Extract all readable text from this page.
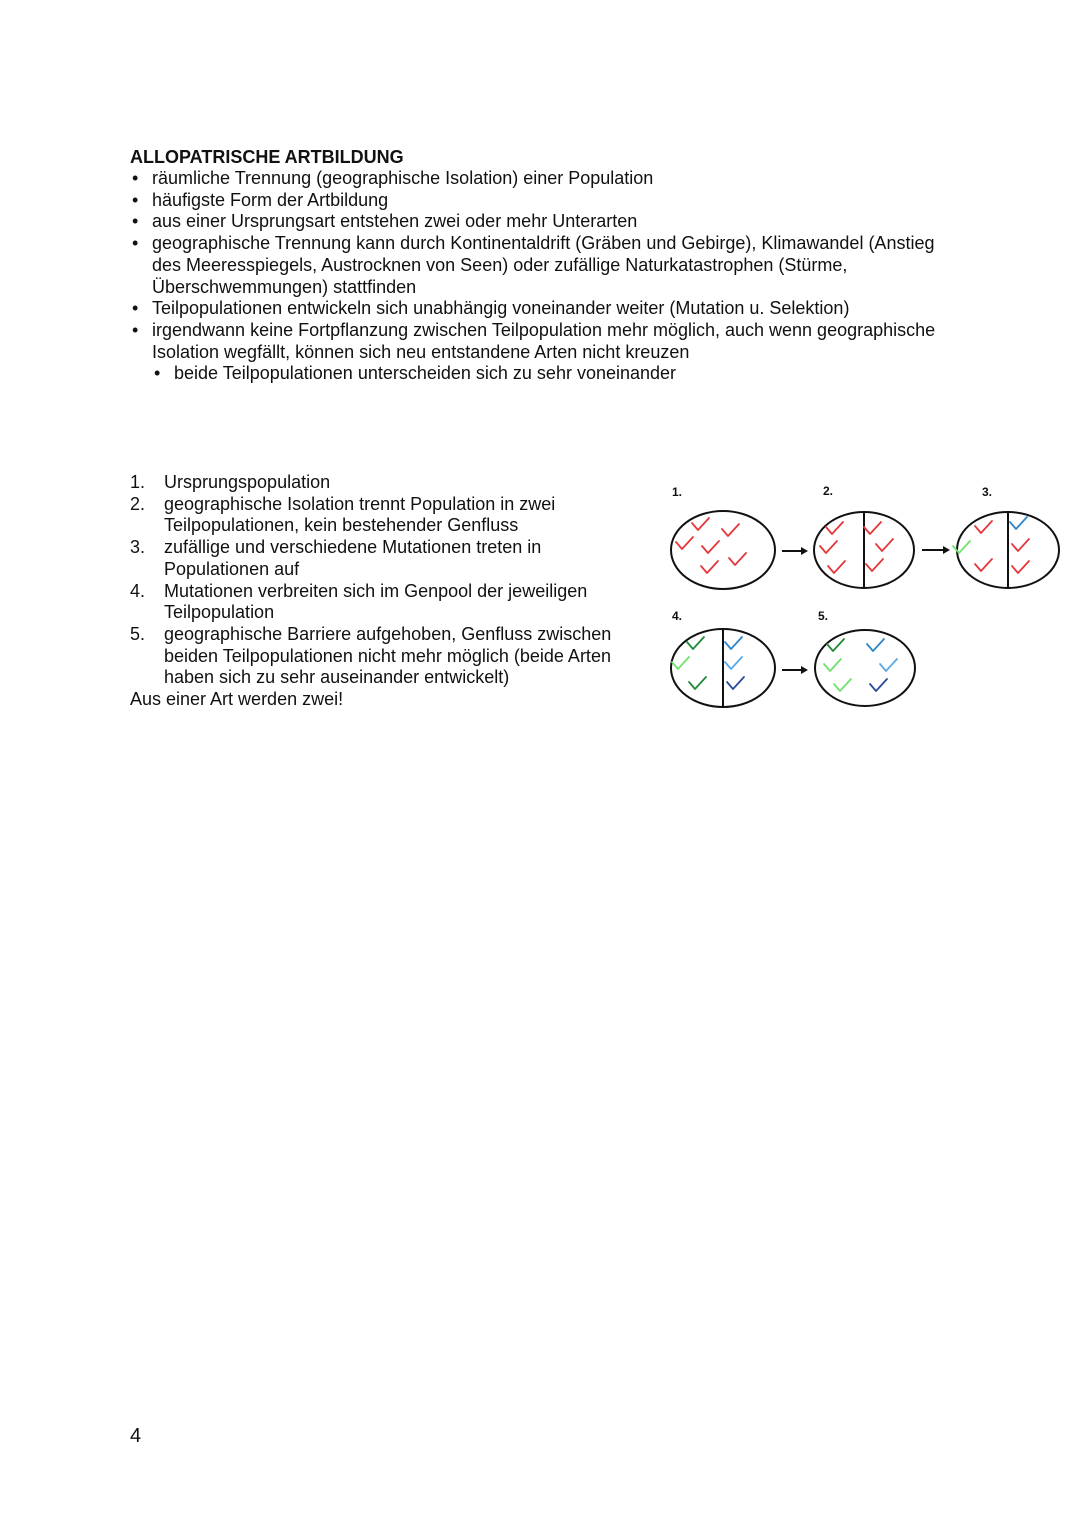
ALLOPATRISCHE ARTBILDUNG
• räumliche Trennung (geographische Isolation) einer Population
• häufigste Form der Artbildung
• aus einer Ursprungsart entstehen zwei oder mehr Unterarten
• geographische Trennung kann durch Kontinentaldrift (Gräben und Gebirge), Klimawandel (Anstieg des Meeresspiegels, Austrocknen von Seen) oder zufällige Naturkatastrophen (Stürme, Überschwemmungen) stattfinden
• Teilpopulationen entwickeln sich unabhängig voneinander weiter (Mutation u. Selektion)
• irgendwann keine Fortpflanzung zwischen Teilpopulation mehr möglich, auch wenn geographische Isolation wegfällt, können sich neu entstandene Arten nicht kreuzen
• beide Teilpopulationen unterscheiden sich zu sehr voneinander
1. Ursprungspopulation
2. geographische Isolation trennt Population in zwei Teilpopulationen, kein bestehender Genfluss
3. zufällige und verschiedene Mutationen treten in Populationen auf
4. Mutationen verbreiten sich im Genpool der jeweiligen Teilpopulation
5. geographische Barriere aufgehoben, Genfluss zwischen beiden Teilpopulationen nicht mehr möglich (beide Arten haben sich zu sehr auseinander entwickelt)

Aus einer Art werden zwei!

1.	2.	3.
4.	5.
4
